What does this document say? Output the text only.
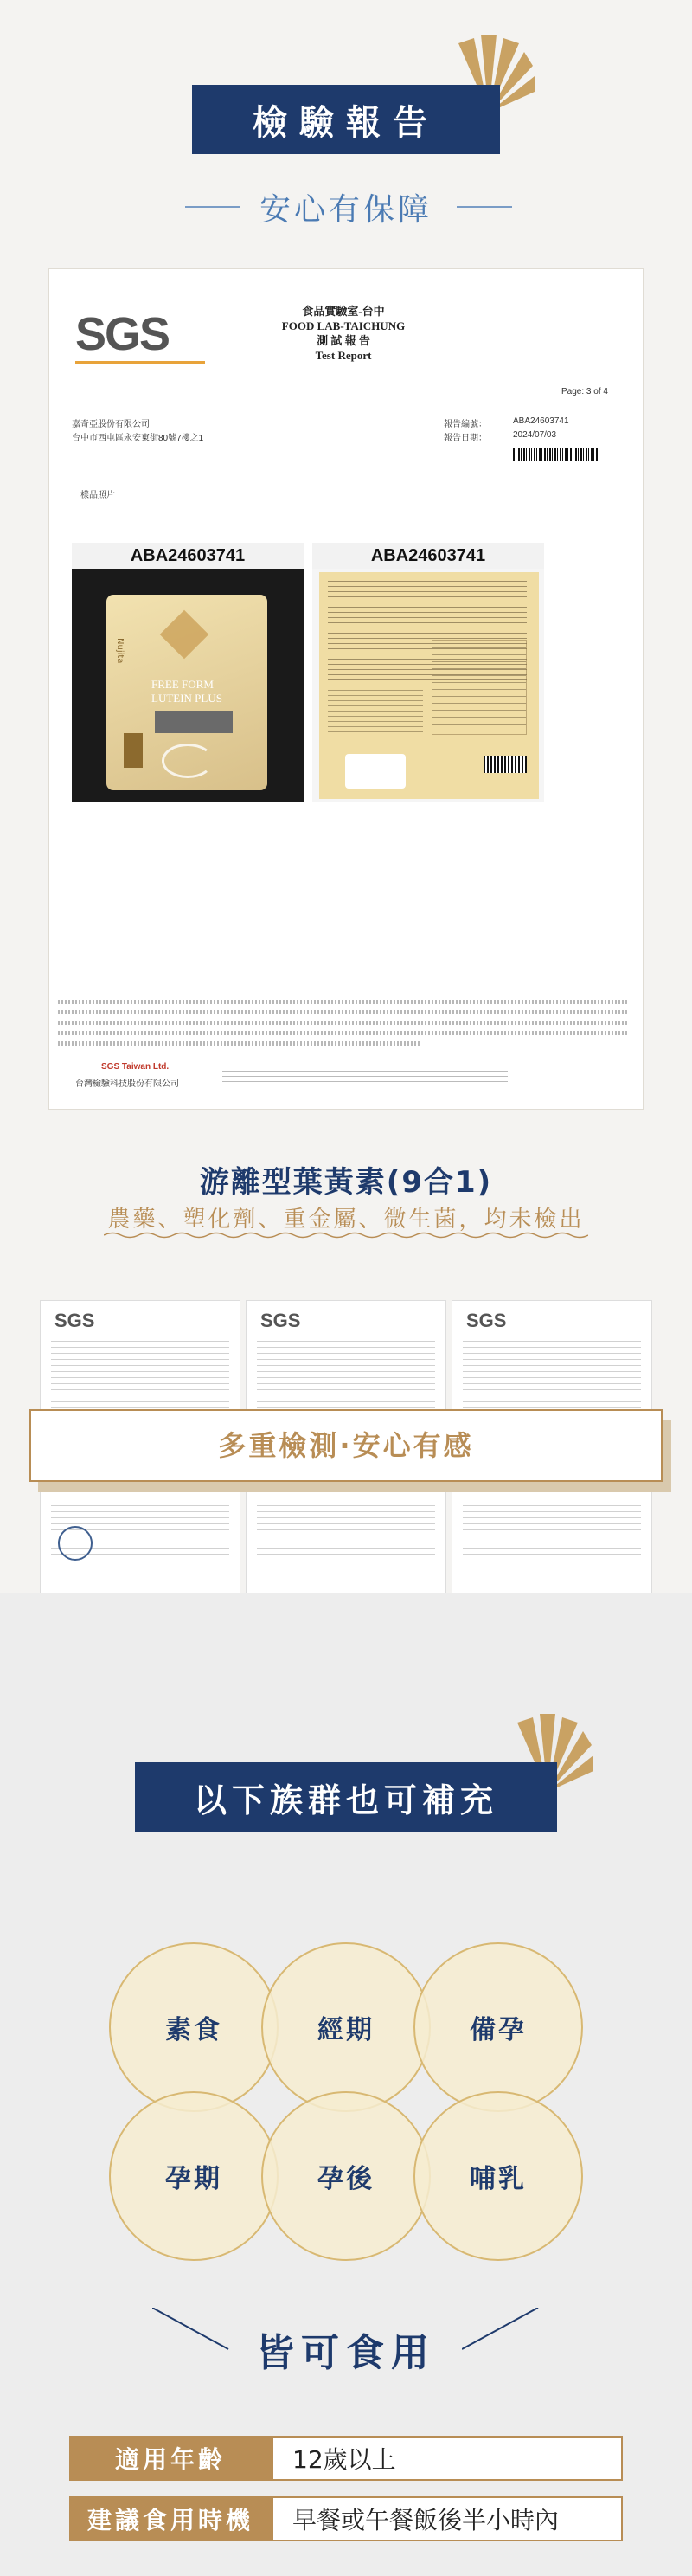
檢驗報告
安心有保障
SGS	食品實驗室-台中
FOOD LAB-TAICHUNG
測 試 報 告
Test Report
Page: 3 of 4
嘉奇亞股份有限公司
台中市西屯區永安東街80號7樓之1
報告編號：	ABA24603741
報告日期：	2024/07/03
樣品照片
ABA24603741
Nujita
FREE FORM
LUTEIN PLUS
ABA24603741
SGS Taiwan Ltd.
台灣檢驗科技股份有限公司
游離型葉黃素(9合1)
農藥、塑化劑、重金屬、微生菌，均未檢出
SGS	SGS	SGS
多重檢測·安心有感
以下族群也可補充
素食	經期	備孕
孕期	孕後	哺乳
皆可食用
適用年齡	12歲以上
建議食用時機	早餐或午餐飯後半小時內
